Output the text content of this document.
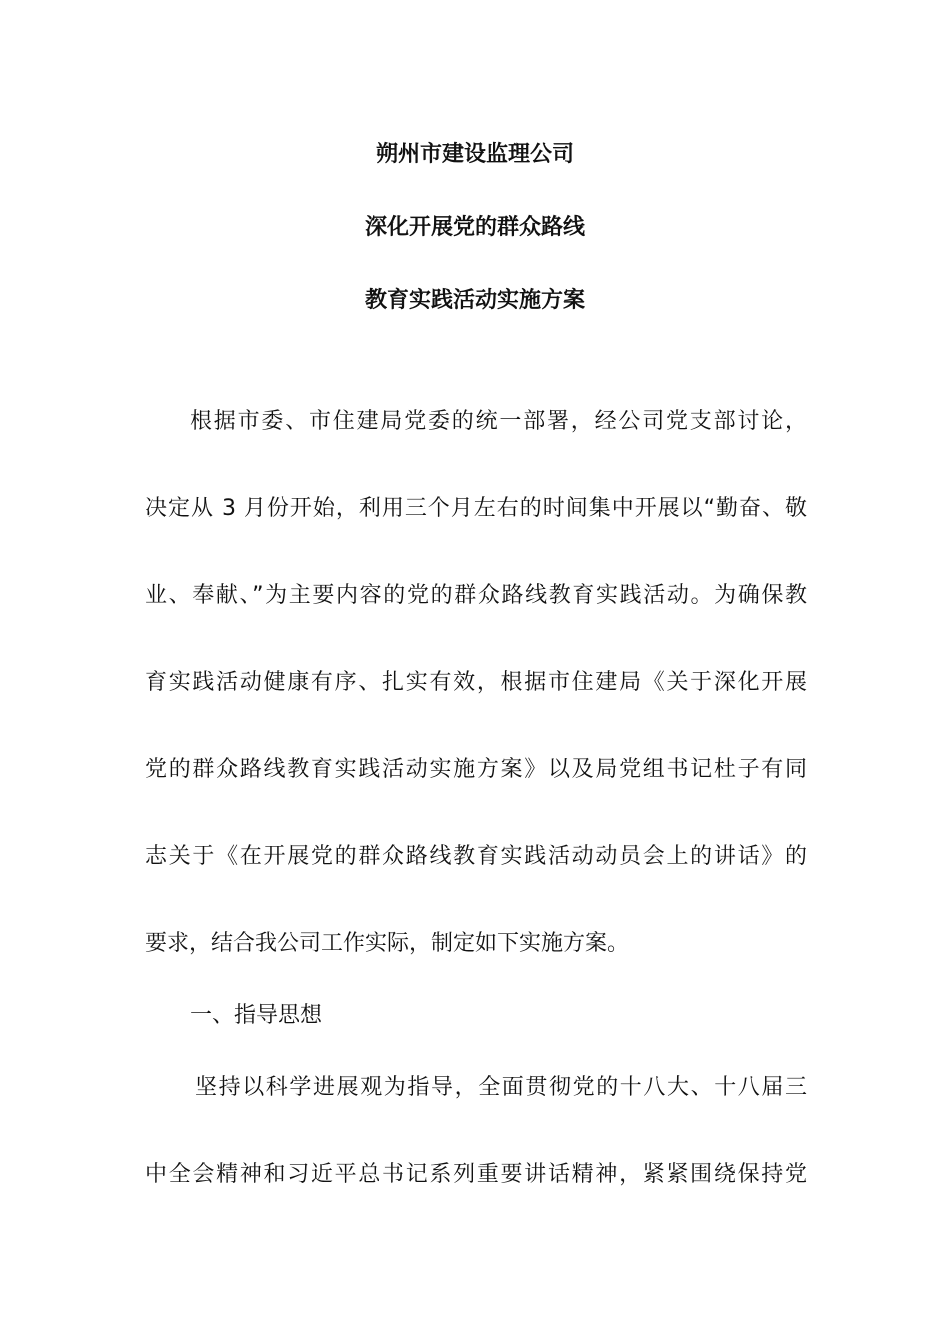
朔州市建设监理公司
深化开展党的群众路线
教育实践活动实施方案
根据市委、市住建局党委的统一部署，经公司党支部讨论，
决定从 3 月份开始，利用三个月左右的时间集中开展以“勤奋、敬
业、奉献、”为主要内容的党的群众路线教育实践活动。为确保教
育实践活动健康有序、扎实有效，根据市住建局《关于深化开展
党的群众路线教育实践活动实施方案》以及局党组书记杜子有同
志关于《在开展党的群众路线教育实践活动动员会上的讲话》的
要求，结合我公司工作实际，制定如下实施方案。
一、指导思想
坚持以科学进展观为指导，全面贯彻党的十八大、十八届三
中全会精神和习近平总书记系列重要讲话精神，紧紧围绕保持党
